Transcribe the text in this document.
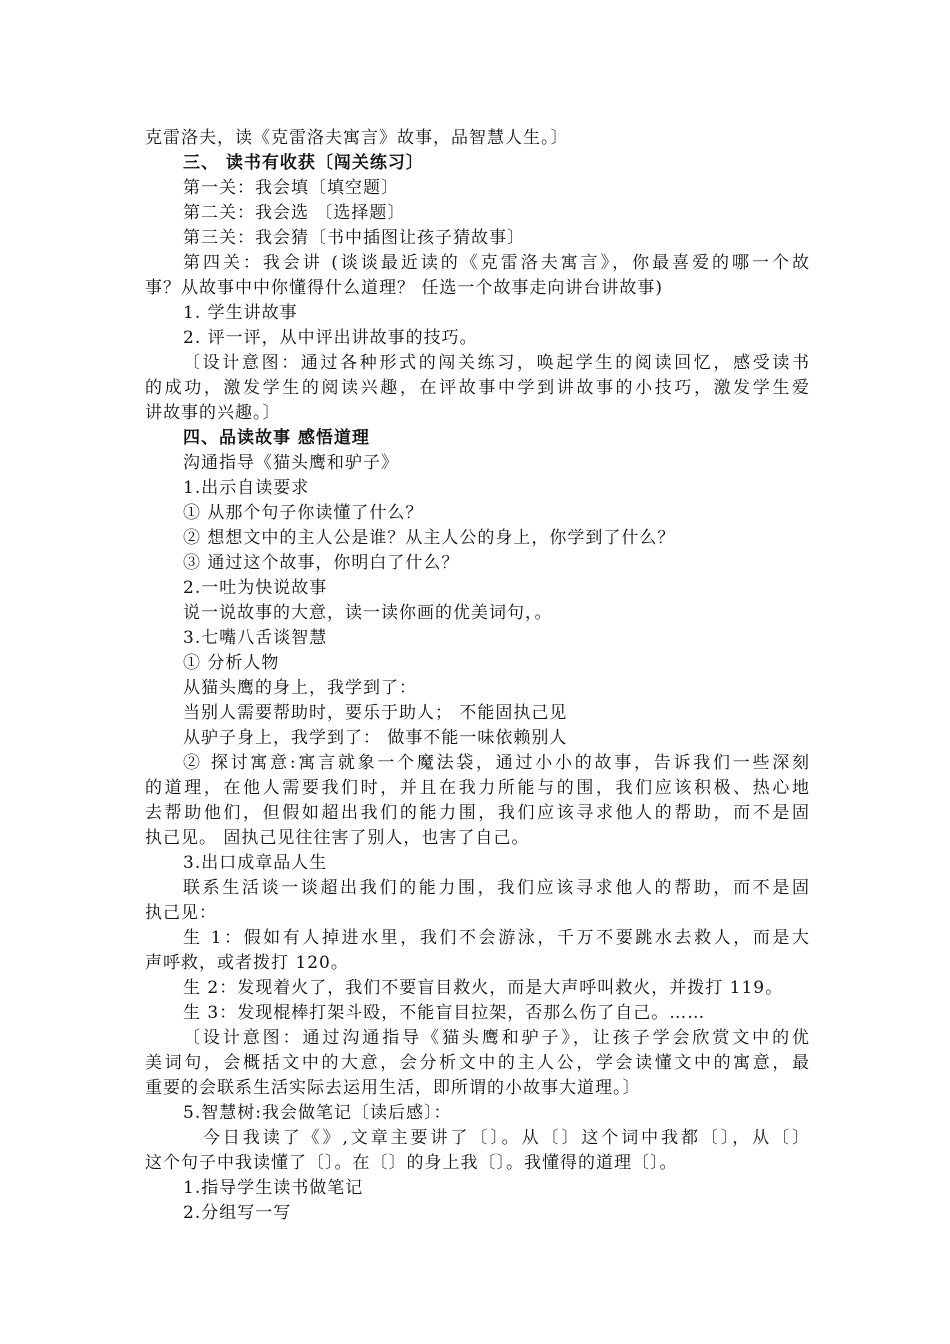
克雷洛夫，读《克雷洛夫寓言》故事，品智慧人生。〕
三、 读书有收获〔闯关练习〕
第一关：我会填〔填空题〕
第二关：我会选 〔选择题〕
第三关：我会猜〔书中插图让孩子猜故事〕
第四关：我会讲 (谈谈最近读的《克雷洛夫寓言》，你最喜爱的哪一个故
事？从故事中中你懂得什么道理？ 任选一个故事走向讲台讲故事)
1. 学生讲故事
2. 评一评，从中评出讲故事的技巧。
〔设计意图：通过各种形式的闯关练习，唤起学生的阅读回忆，感受读书
的成功，激发学生的阅读兴趣，在评故事中学到讲故事的小技巧，激发学生爱
讲故事的兴趣。〕
四、品读故事 感悟道理
沟通指导《猫头鹰和驴子》
1.出示自读要求
① 从那个句子你读懂了什么？
② 想想文中的主人公是谁？从主人公的身上，你学到了什么？
③ 通过这个故事，你明白了什么？
2.一吐为快说故事
说一说故事的大意，读一读你画的优美词句，。
3.七嘴八舌谈智慧
① 分析人物
从猫头鹰的身上，我学到了：
当别人需要帮助时，要乐于助人； 不能固执己见
从驴子身上，我学到了： 做事不能一味依赖别人
② 探讨寓意:寓言就象一个魔法袋，通过小小的故事，告诉我们一些深刻
的道理，在他人需要我们时，并且在我力所能与的围，我们应该积极、热心地
去帮助他们，但假如超出我们的能力围，我们应该寻求他人的帮助，而不是固
执己见。 固执己见往往害了别人，也害了自己。
3.出口成章品人生
联系生活谈一谈超出我们的能力围，我们应该寻求他人的帮助，而不是固
执己见：
生 1：假如有人掉进水里，我们不会游泳，千万不要跳水去救人，而是大
声呼救，或者拨打 120。
生 2：发现着火了，我们不要盲目救火，而是大声呼叫救火，并拨打 119。
生 3：发现棍棒打架斗殴，不能盲目拉架，否那么伤了自己。……
〔设计意图：通过沟通指导《猫头鹰和驴子》，让孩子学会欣赏文中的优
美词句，会概括文中的大意，会分析文中的主人公，学会读懂文中的寓意，最
重要的会联系生活实际去运用生活，即所谓的小故事大道理。〕
5.智慧树:我会做笔记〔读后感〕：
今日我读了《》,文章主要讲了〔〕。从〔〕这个词中我都〔〕，从〔〕
这个句子中我读懂了〔〕。在〔〕的身上我〔〕。我懂得的道理〔〕。
1.指导学生读书做笔记
2.分组写一写
